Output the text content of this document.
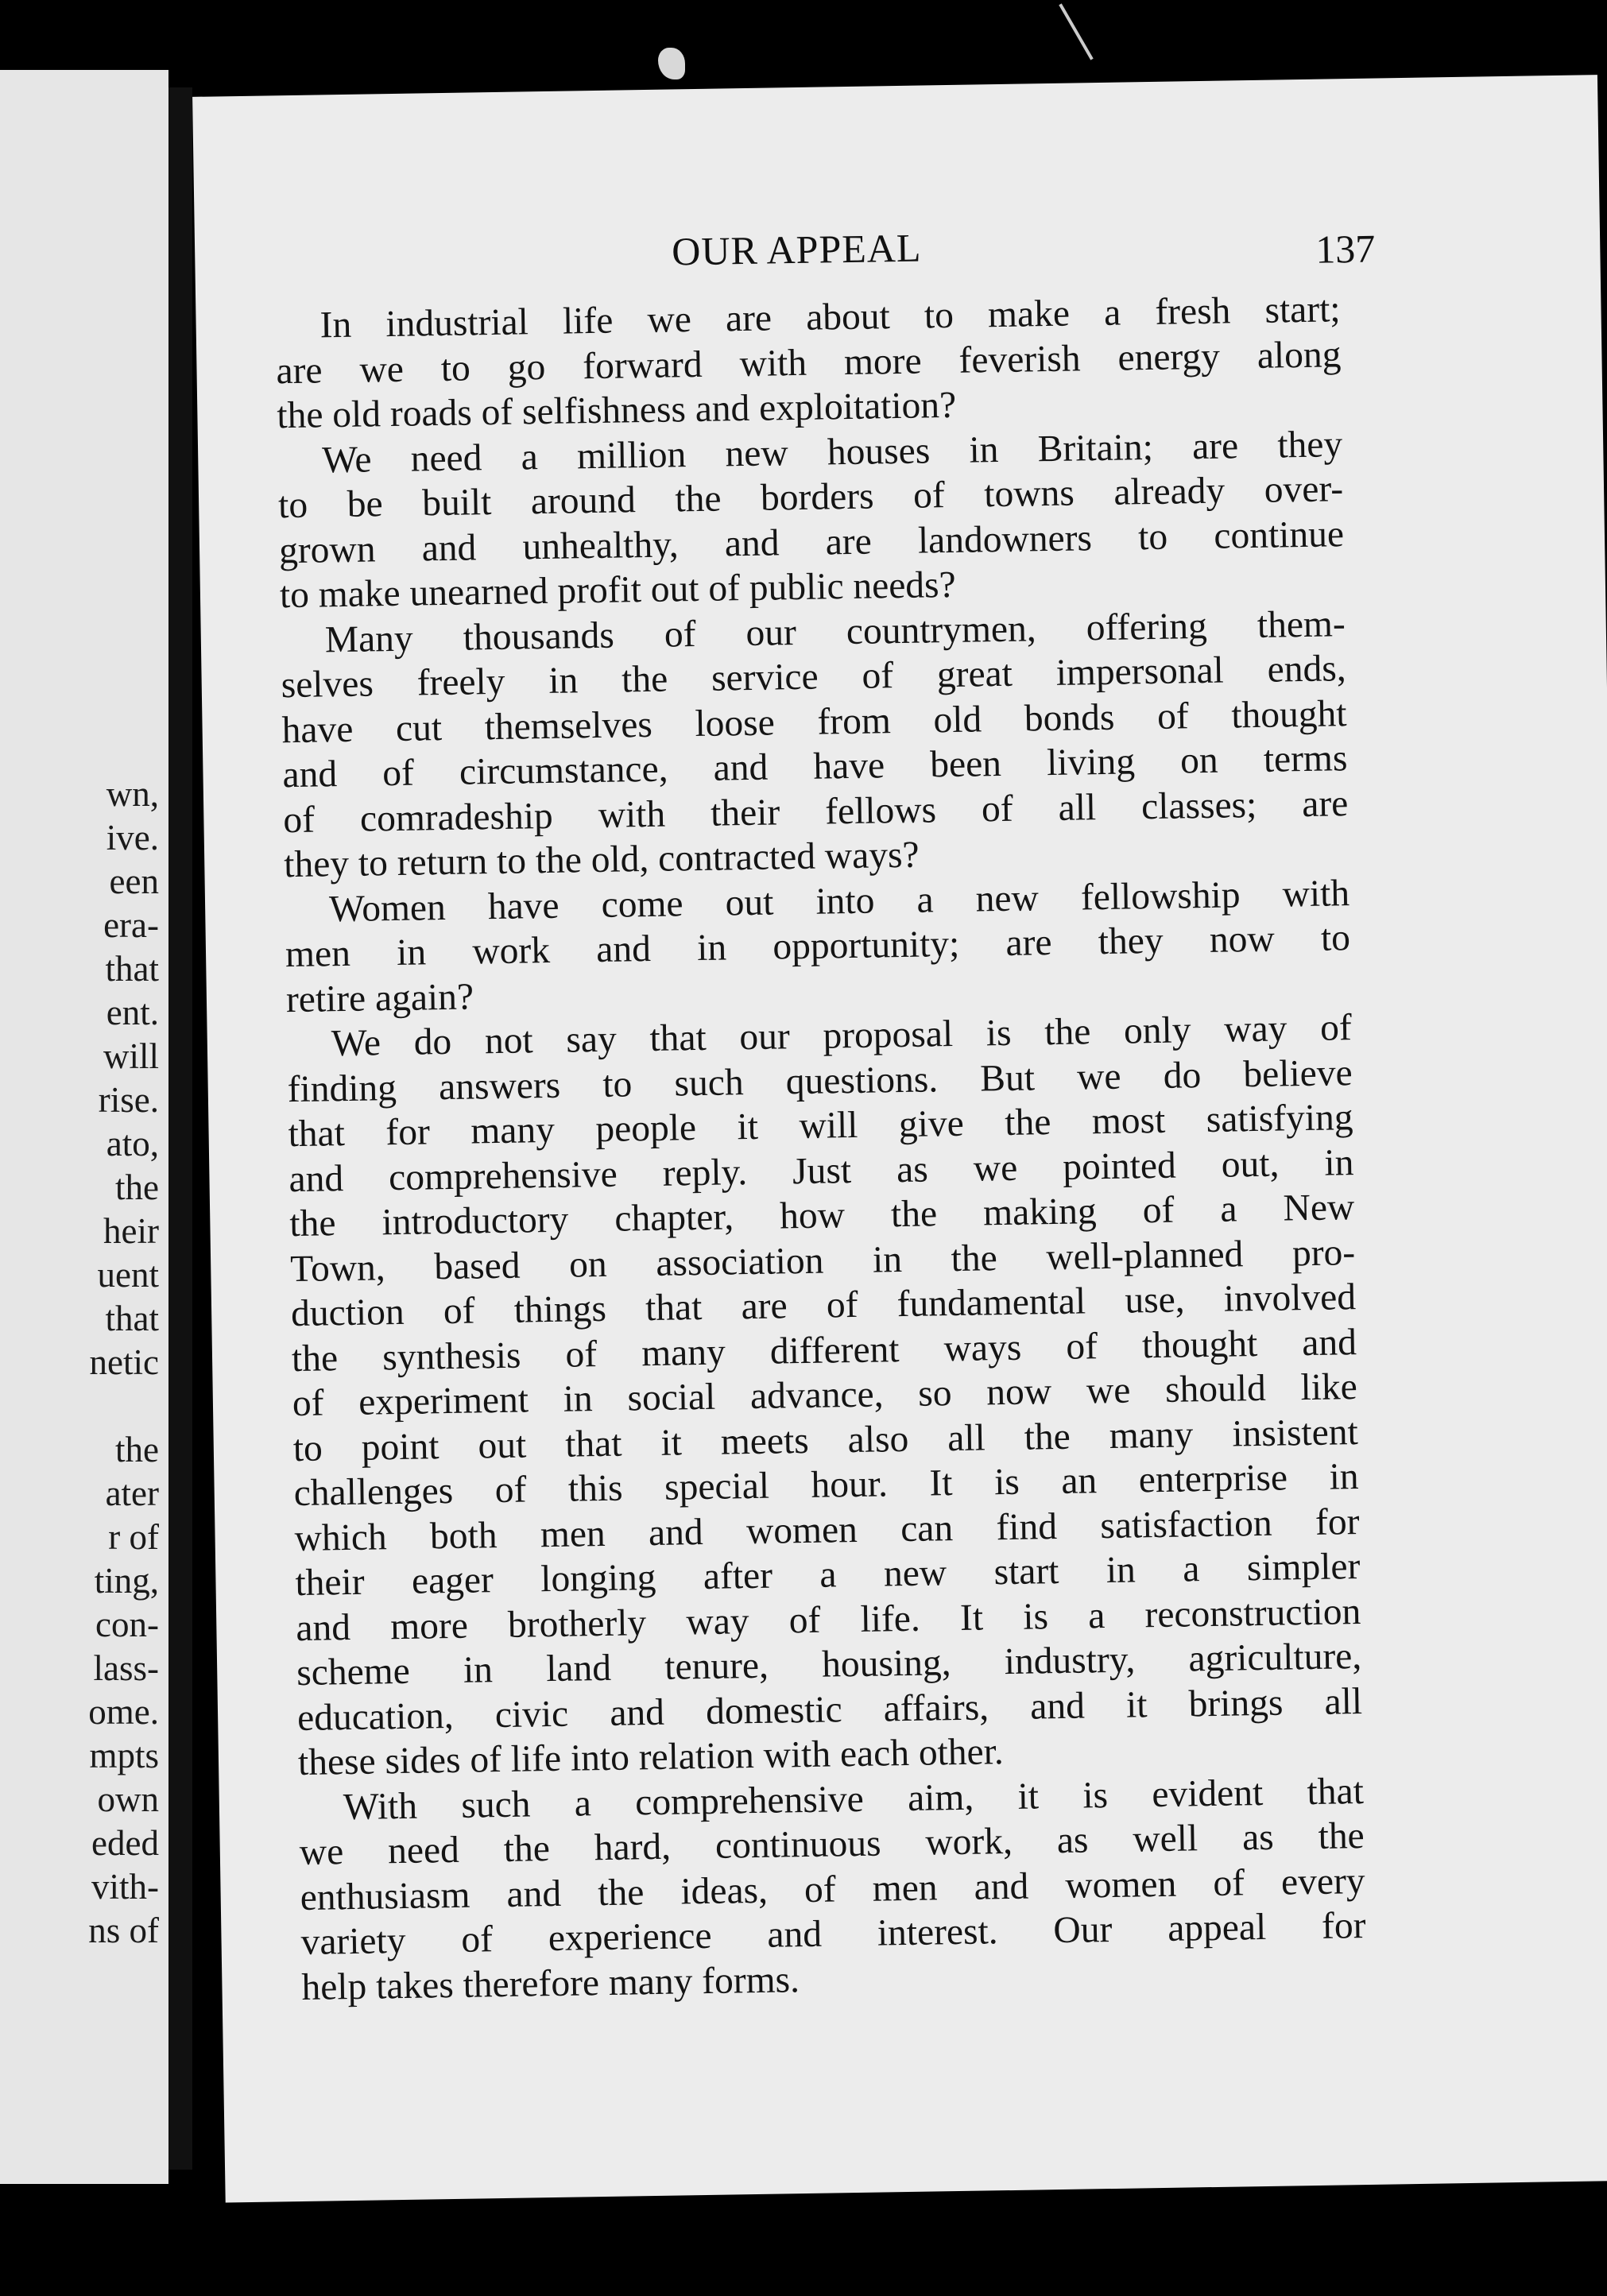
wn,
ive.
een
era-
that
ent.
will
rise.
ato,
the
heir
uent
that
netic
the
ater
r of
ting,
con-
lass-
ome.
mpts
own
eded
vith-
ns of
OUR APPEAL	137
In industrial life we are about to make a fresh start;
are we to go forward with more feverish energy along
the old roads of selfishness and exploitation?
We need a million new houses in Britain; are they
to be built around the borders of towns already over-
grown and unhealthy, and are landowners to continue
to make unearned profit out of public needs?
Many thousands of our countrymen, offering them-
selves freely in the service of great impersonal ends,
have cut themselves loose from old bonds of thought
and of circumstance, and have been living on terms
of comradeship with their fellows of all classes; are
they to return to the old, contracted ways?
Women have come out into a new fellowship with
men in work and in opportunity; are they now to
retire again?
We do not say that our proposal is the only way of
finding answers to such questions. But we do believe
that for many people it will give the most satisfying
and comprehensive reply. Just as we pointed out, in
the introductory chapter, how the making of a New
Town, based on association in the well-planned pro-
duction of things that are of fundamental use, involved
the synthesis of many different ways of thought and
of experiment in social advance, so now we should like
to point out that it meets also all the many insistent
challenges of this special hour. It is an enterprise in
which both men and women can find satisfaction for
their eager longing after a new start in a simpler
and more brotherly way of life. It is a reconstruction
scheme in land tenure, housing, industry, agriculture,
education, civic and domestic affairs, and it brings all
these sides of life into relation with each other.
With such a comprehensive aim, it is evident that
we need the hard, continuous work, as well as the
enthusiasm and the ideas, of men and women of every
variety of experience and interest. Our appeal for
help takes therefore many forms.
